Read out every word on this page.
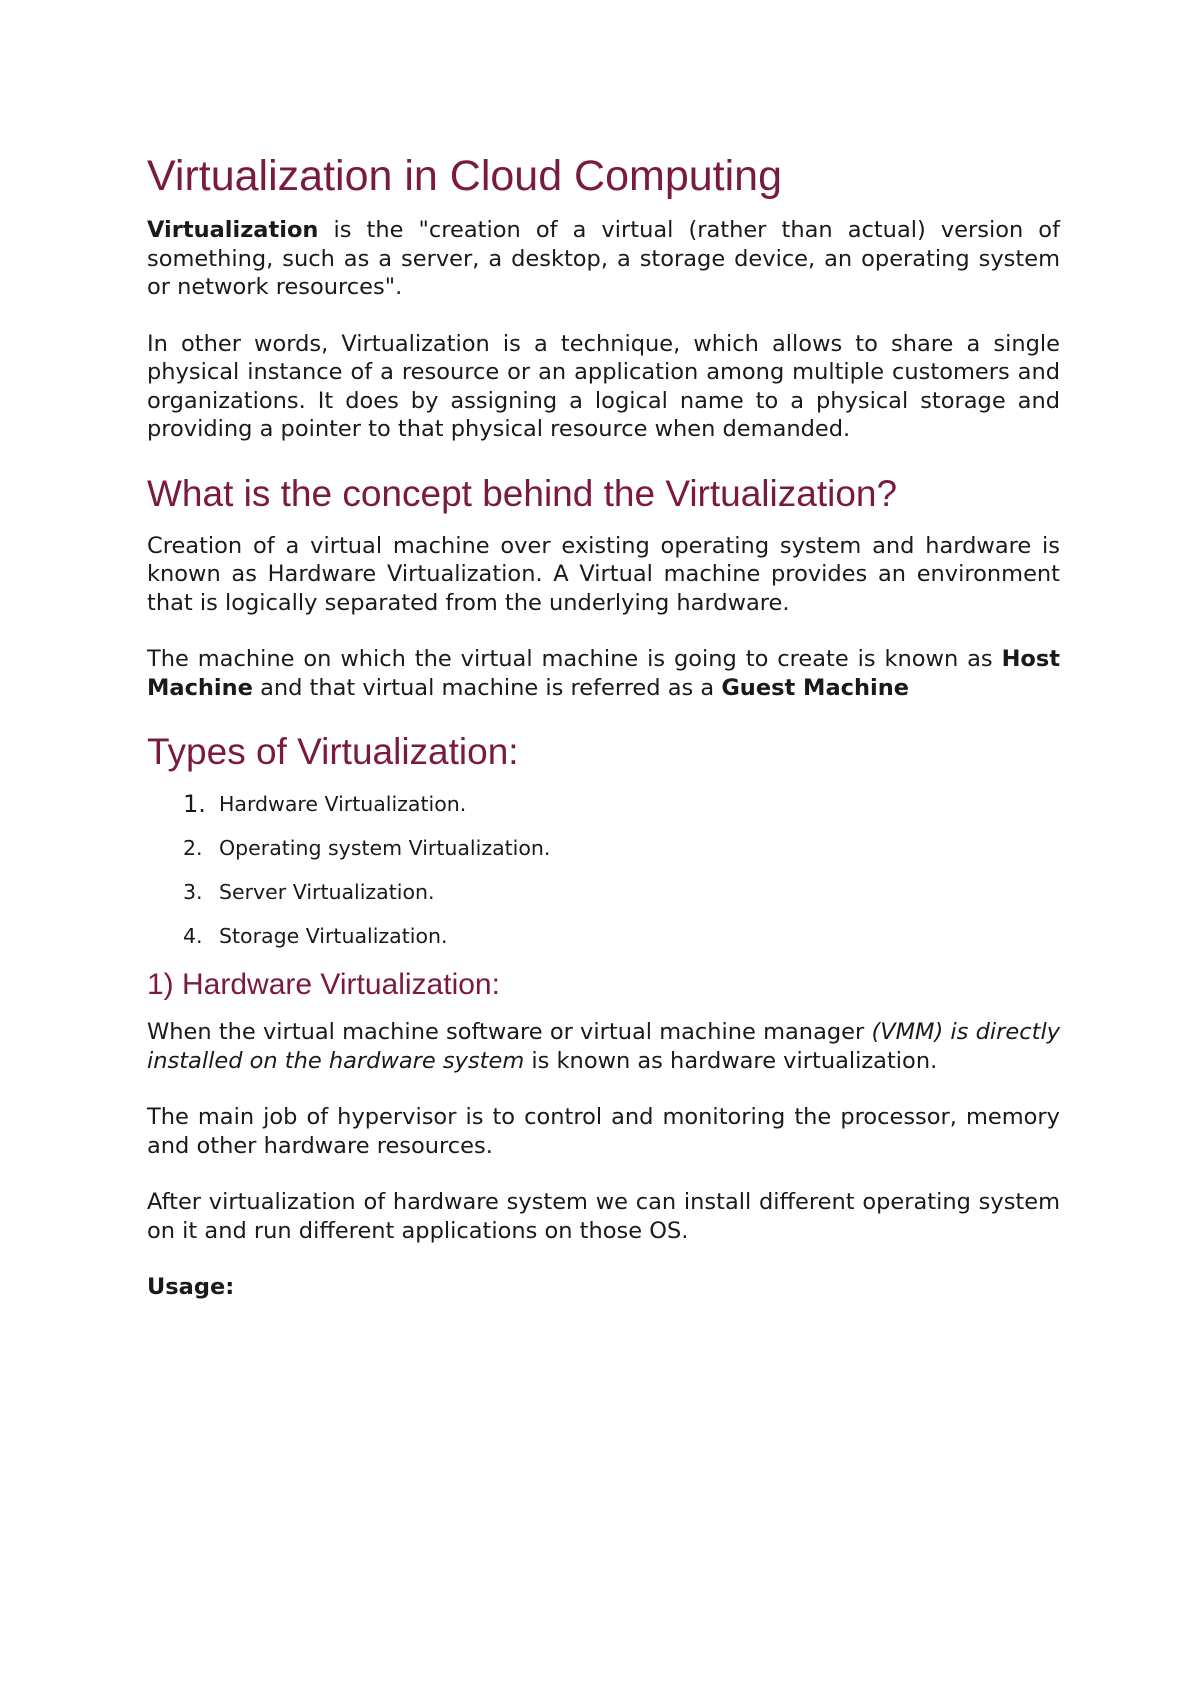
Virtualization in Cloud Computing

Virtualization is the "creation of a virtual (rather than actual) version of something, such as a server, a desktop, a storage device, an operating system or network resources".

In other words, Virtualization is a technique, which allows to share a single physical instance of a resource or an application among multiple customers and organizations. It does by assigning a logical name to a physical storage and providing a pointer to that physical resource when demanded.

What is the concept behind the Virtualization?

Creation of a virtual machine over existing operating system and hardware is known as Hardware Virtualization. A Virtual machine provides an environment that is logically separated from the underlying hardware.

The machine on which the virtual machine is going to create is known as Host Machine and that virtual machine is referred as a Guest Machine

Types of Virtualization:
1. Hardware Virtualization.
2. Operating system Virtualization.
3. Server Virtualization.
4. Storage Virtualization.
1) Hardware Virtualization:

When the virtual machine software or virtual machine manager (VMM) is directly installed on the hardware system is known as hardware virtualization.

The main job of hypervisor is to control and monitoring the processor, memory and other hardware resources.

After virtualization of hardware system we can install different operating system on it and run different applications on those OS.

Usage:
